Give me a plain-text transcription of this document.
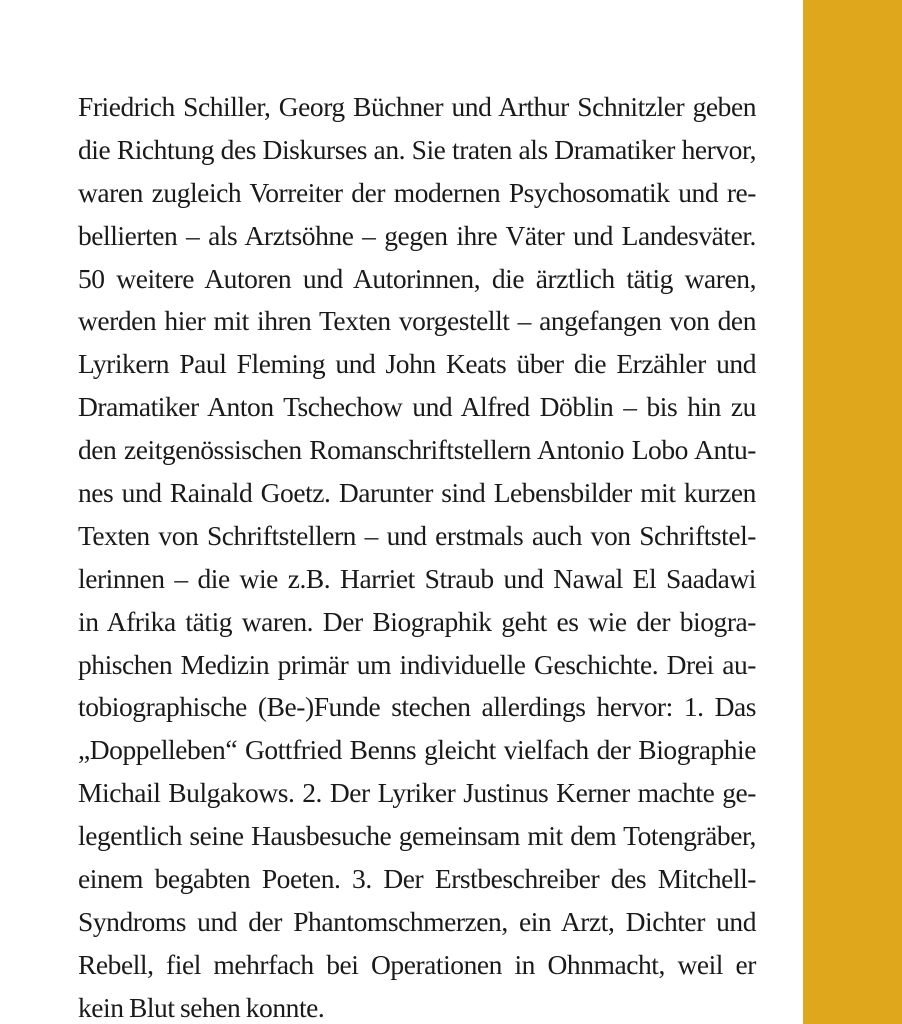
Friedrich Schiller, Georg Büchner und Arthur Schnitzler geben
die Richtung des Diskurses an. Sie traten als Dramatiker hervor,
waren zugleich Vorreiter der modernen Psychosomatik und re-
bellierten – als Arztsöhne – gegen ihre Väter und Landesväter.
50 weitere Autoren und Autorinnen, die ärztlich tätig waren,
werden hier mit ihren Texten vorgestellt – angefangen von den
Lyrikern Paul Fleming und John Keats über die Erzähler und
Dramatiker Anton Tschechow und Alfred Döblin – bis hin zu
den zeitgenössischen Romanschriftstellern Antonio Lobo Antu-
nes und Rainald Goetz. Darunter sind Lebensbilder mit kurzen
Texten von Schriftstellern – und erstmals auch von Schriftstel-
lerinnen – die wie z.B. Harriet Straub und Nawal El Saadawi
in Afrika tätig waren. Der Biographik geht es wie der biogra-
phischen Medizin primär um individuelle Geschichte. Drei au-
tobiographische (Be-)Funde stechen allerdings hervor: 1. Das
„Doppelleben“ Gottfried Benns gleicht vielfach der Biographie
Michail Bulgakows. 2. Der Lyriker Justinus Kerner machte ge-
legentlich seine Hausbesuche gemeinsam mit dem Totengräber,
einem begabten Poeten. 3. Der Erstbeschreiber des Mitchell-
Syndroms und der Phantomschmerzen, ein Arzt, Dichter und
Rebell, fiel mehrfach bei Operationen in Ohnmacht, weil er
kein Blut sehen konnte.
